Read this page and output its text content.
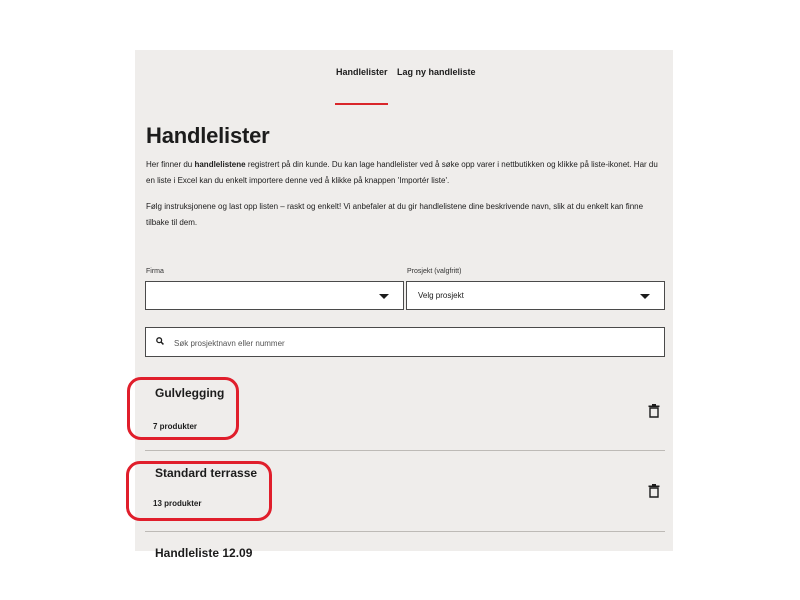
Handlelister Lag ny handleliste
Handlelister

Her finner du handlelistene registrert på din kunde. Du kan lage handlelister ved å søke opp varer i nettbutikken og klikke på liste-ikonet. Har du en liste i Excel kan du enkelt importere denne ved å klikke på knappen 'Importér liste'.

Følg instruksjonene og last opp listen – raskt og enkelt! Vi anbefaler at du gir handlelistene dine beskrivende navn, slik at du enkelt kan finne tilbake til dem.

Firma	Prosjekt (valgfritt)
Velg prosjekt
Søk prosjektnavn eller nummer
Gulvlegging
7 produkter
Standard terrasse
13 produkter
Handleliste 12.09
